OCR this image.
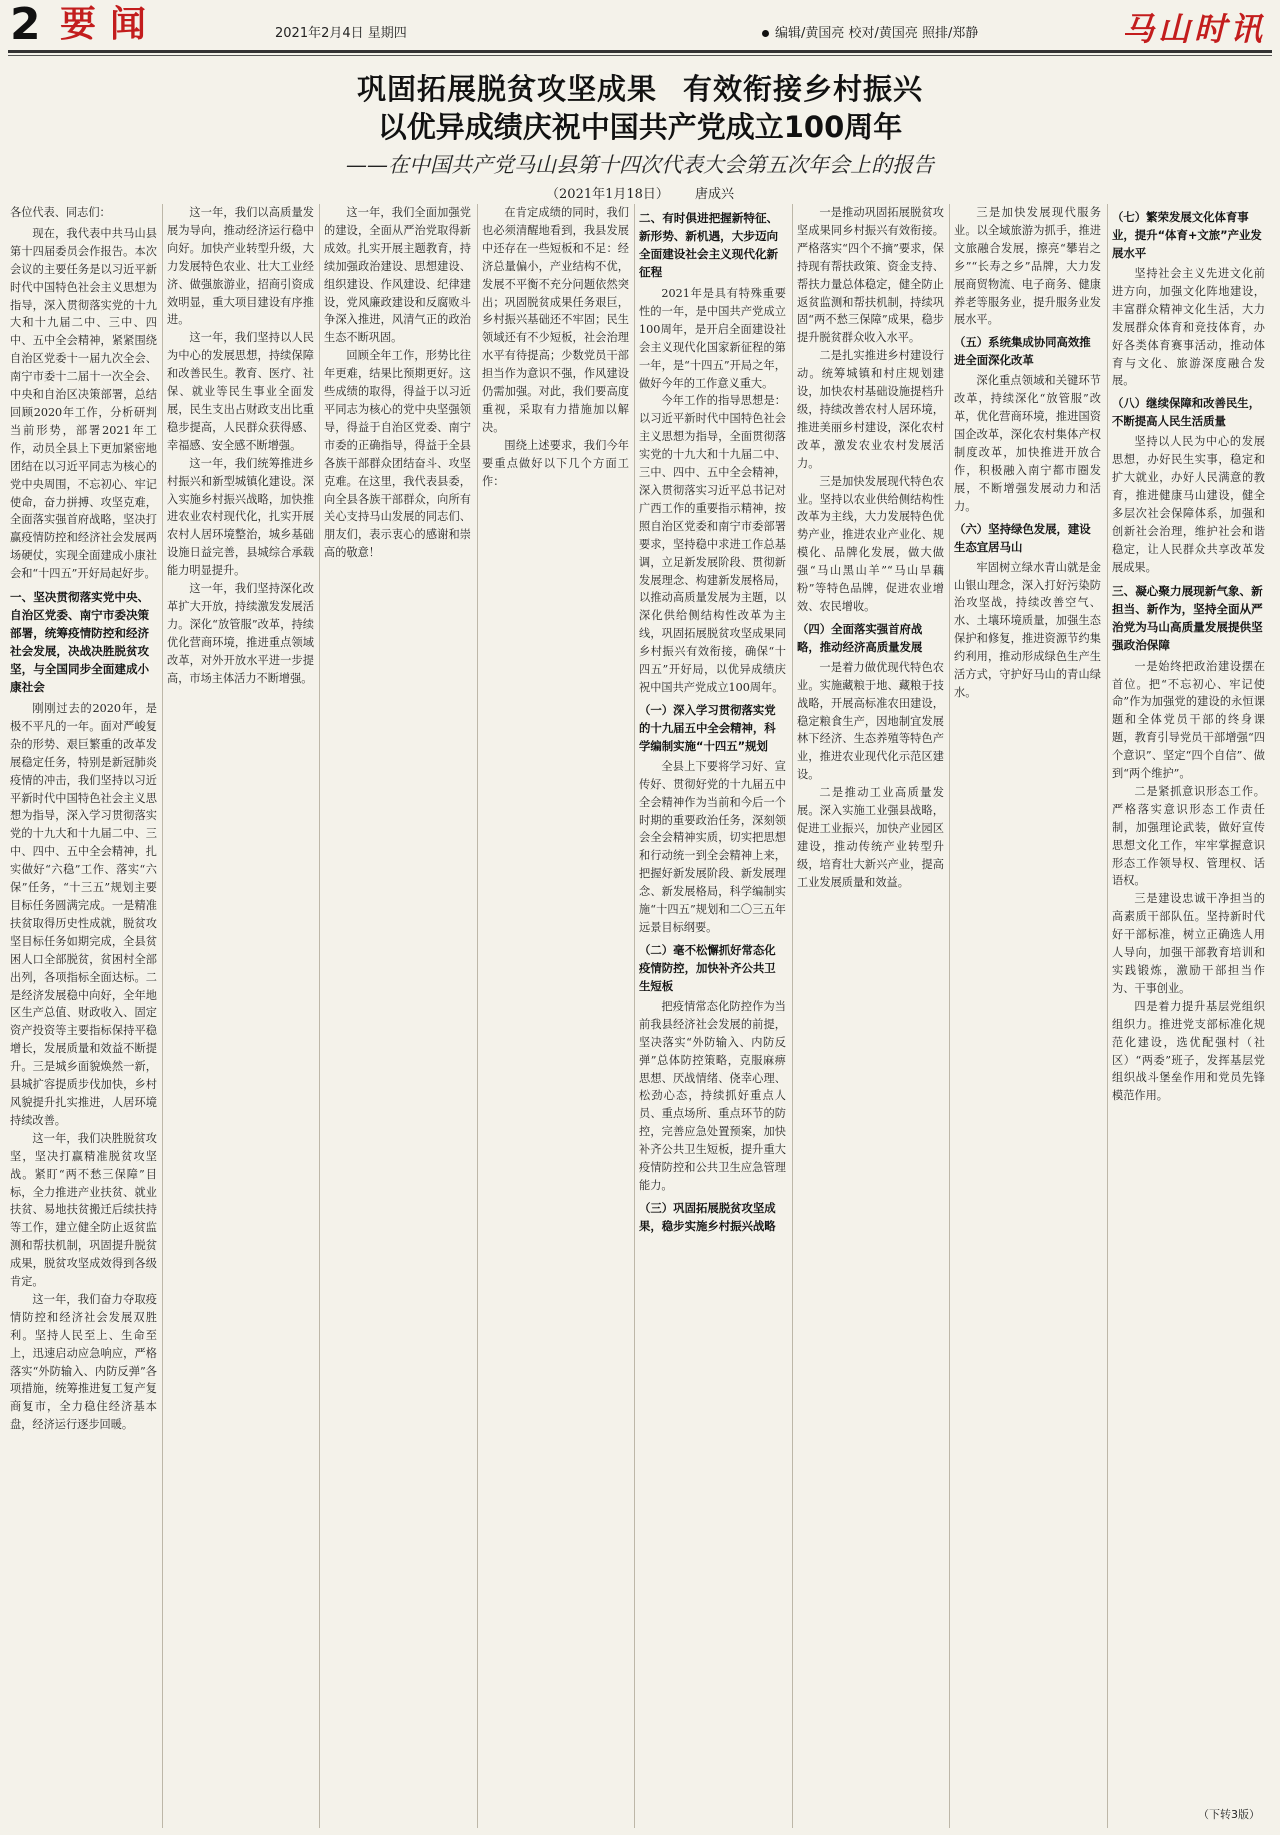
2 要闻	2021年2月4日 星期四	编辑/黄国亮 校对/黄国亮 照排/郑静	马山时讯

巩固拓展脱贫攻坚成果 有效衔接乡村振兴

以优异成绩庆祝中国共产党成立100周年

——在中国共产党马山县第十四次代表大会第五次年会上的报告

（2021年1月18日） 唐成兴

各位代表、同志们：

现在，我代表中共马山县第十四届委员会作报告。本次会议的主要任务是以习近平新时代中国特色社会主义思想为指导，深入贯彻落实党的十九大和十九届二中、三中、四中、五中全会精神，紧紧围绕自治区党委十一届九次全会、南宁市委十二届十一次全会、中央和自治区决策部署，总结回顾2020年工作，分析研判当前形势，部署2021年工作，动员全县上下更加紧密地团结在以习近平同志为核心的党中央周围，不忘初心、牢记使命，奋力拼搏、攻坚克难，全面落实强首府战略，坚决打赢疫情防控和经济社会发展两场硬仗，实现全面建成小康社会和“十四五”开好局起好步。

一、坚决贯彻落实党中央、自治区党委、南宁市委决策部署，统筹疫情防控和经济社会发展，决战决胜脱贫攻坚，与全国同步全面建成小康社会

刚刚过去的2020年，是极不平凡的一年。面对严峻复杂的形势、艰巨繁重的改革发展稳定任务，特别是新冠肺炎疫情的冲击，我们坚持以习近平新时代中国特色社会主义思想为指导，深入学习贯彻落实党的十九大和十九届二中、三中、四中、五中全会精神，扎实做好“六稳”工作、落实“六保”任务，“十三五”规划主要目标任务圆满完成。一是精准扶贫取得历史性成就，脱贫攻坚目标任务如期完成，全县贫困人口全部脱贫，贫困村全部出列，各项指标全面达标。二是经济发展稳中向好，全年地区生产总值、财政收入、固定资产投资等主要指标保持平稳增长，发展质量和效益不断提升。三是城乡面貌焕然一新，县城扩容提质步伐加快，乡村风貌提升扎实推进，人居环境持续改善。

这一年，我们决胜脱贫攻坚，坚决打赢精准脱贫攻坚战。紧盯“两不愁三保障”目标，全力推进产业扶贫、就业扶贫、易地扶贫搬迁后续扶持等工作，建立健全防止返贫监测和帮扶机制，巩固提升脱贫成果，脱贫攻坚成效得到各级肯定。

这一年，我们奋力夺取疫情防控和经济社会发展双胜利。坚持人民至上、生命至上，迅速启动应急响应，严格落实“外防输入、内防反弹”各项措施，统筹推进复工复产复商复市，全力稳住经济基本盘，经济运行逐步回暖。

这一年，我们以高质量发展为导向，推动经济运行稳中向好。加快产业转型升级，大力发展特色农业、壮大工业经济、做强旅游业，招商引资成效明显，重大项目建设有序推进。

这一年，我们坚持以人民为中心的发展思想，持续保障和改善民生。教育、医疗、社保、就业等民生事业全面发展，民生支出占财政支出比重稳步提高，人民群众获得感、幸福感、安全感不断增强。

这一年，我们统筹推进乡村振兴和新型城镇化建设。深入实施乡村振兴战略，加快推进农业农村现代化，扎实开展农村人居环境整治，城乡基础设施日益完善，县城综合承载能力明显提升。

这一年，我们坚持深化改革扩大开放，持续激发发展活力。深化“放管服”改革，持续优化营商环境，推进重点领域改革，对外开放水平进一步提高，市场主体活力不断增强。

这一年，我们全面加强党的建设，全面从严治党取得新成效。扎实开展主题教育，持续加强政治建设、思想建设、组织建设、作风建设、纪律建设，党风廉政建设和反腐败斗争深入推进，风清气正的政治生态不断巩固。

回顾全年工作，形势比往年更难，结果比预期更好。这些成绩的取得，得益于以习近平同志为核心的党中央坚强领导，得益于自治区党委、南宁市委的正确指导，得益于全县各族干部群众团结奋斗、攻坚克难。在这里，我代表县委，向全县各族干部群众，向所有关心支持马山发展的同志们、朋友们，表示衷心的感谢和崇高的敬意！

在肯定成绩的同时，我们也必须清醒地看到，我县发展中还存在一些短板和不足：经济总量偏小，产业结构不优，发展不平衡不充分问题依然突出；巩固脱贫成果任务艰巨，乡村振兴基础还不牢固；民生领域还有不少短板，社会治理水平有待提高；少数党员干部担当作为意识不强，作风建设仍需加强。对此，我们要高度重视，采取有力措施加以解决。

围绕上述要求，我们今年要重点做好以下几个方面工作：

二、有时俱进把握新特征、新形势、新机遇，大步迈向全面建设社会主义现代化新征程

2021年是具有特殊重要性的一年，是中国共产党成立100周年，是开启全面建设社会主义现代化国家新征程的第一年，是“十四五”开局之年，做好今年的工作意义重大。

今年工作的指导思想是：以习近平新时代中国特色社会主义思想为指导，全面贯彻落实党的十九大和十九届二中、三中、四中、五中全会精神，深入贯彻落实习近平总书记对广西工作的重要指示精神，按照自治区党委和南宁市委部署要求，坚持稳中求进工作总基调，立足新发展阶段、贯彻新发展理念、构建新发展格局，以推动高质量发展为主题，以深化供给侧结构性改革为主线，巩固拓展脱贫攻坚成果同乡村振兴有效衔接，确保“十四五”开好局，以优异成绩庆祝中国共产党成立100周年。

（一）深入学习贯彻落实党的十九届五中全会精神，科学编制实施“十四五”规划

全县上下要将学习好、宣传好、贯彻好党的十九届五中全会精神作为当前和今后一个时期的重要政治任务，深刻领会全会精神实质，切实把思想和行动统一到全会精神上来，把握好新发展阶段、新发展理念、新发展格局，科学编制实施“十四五”规划和二〇三五年远景目标纲要。

（二）毫不松懈抓好常态化疫情防控，加快补齐公共卫生短板

把疫情常态化防控作为当前我县经济社会发展的前提，坚决落实“外防输入、内防反弹”总体防控策略，克服麻痹思想、厌战情绪、侥幸心理、松劲心态，持续抓好重点人员、重点场所、重点环节的防控，完善应急处置预案，加快补齐公共卫生短板，提升重大疫情防控和公共卫生应急管理能力。

（三）巩固拓展脱贫攻坚成果，稳步实施乡村振兴战略

一是推动巩固拓展脱贫攻坚成果同乡村振兴有效衔接。严格落实“四个不摘”要求，保持现有帮扶政策、资金支持、帮扶力量总体稳定，健全防止返贫监测和帮扶机制，持续巩固“两不愁三保障”成果，稳步提升脱贫群众收入水平。

二是扎实推进乡村建设行动。统筹城镇和村庄规划建设，加快农村基础设施提档升级，持续改善农村人居环境，推进美丽乡村建设，深化农村改革，激发农业农村发展活力。

三是加快发展现代特色农业。坚持以农业供给侧结构性改革为主线，大力发展特色优势产业，推进农业产业化、规模化、品牌化发展，做大做强“马山黑山羊”“马山旱藕粉”等特色品牌，促进农业增效、农民增收。

（四）全面落实强首府战略，推动经济高质量发展

一是着力做优现代特色农业。实施藏粮于地、藏粮于技战略，开展高标准农田建设，稳定粮食生产，因地制宜发展林下经济、生态养殖等特色产业，推进农业现代化示范区建设。

二是推动工业高质量发展。深入实施工业强县战略，促进工业振兴，加快产业园区建设，推动传统产业转型升级，培育壮大新兴产业，提高工业发展质量和效益。

三是加快发展现代服务业。以全域旅游为抓手，推进文旅融合发展，擦亮“攀岩之乡”“长寿之乡”品牌，大力发展商贸物流、电子商务、健康养老等服务业，提升服务业发展水平。

（五）系统集成协同高效推进全面深化改革

深化重点领域和关键环节改革，持续深化“放管服”改革，优化营商环境，推进国资国企改革，深化农村集体产权制度改革，加快推进开放合作，积极融入南宁都市圈发展，不断增强发展动力和活力。

（六）坚持绿色发展，建设生态宜居马山

牢固树立绿水青山就是金山银山理念，深入打好污染防治攻坚战，持续改善空气、水、土壤环境质量，加强生态保护和修复，推进资源节约集约利用，推动形成绿色生产生活方式，守护好马山的青山绿水。

（七）繁荣发展文化体育事业，提升“体育+文旅”产业发展水平

坚持社会主义先进文化前进方向，加强文化阵地建设，丰富群众精神文化生活，大力发展群众体育和竞技体育，办好各类体育赛事活动，推动体育与文化、旅游深度融合发展。

（八）继续保障和改善民生，不断提高人民生活质量

坚持以人民为中心的发展思想，办好民生实事，稳定和扩大就业，办好人民满意的教育，推进健康马山建设，健全多层次社会保障体系，加强和创新社会治理，维护社会和谐稳定，让人民群众共享改革发展成果。

三、凝心聚力展现新气象、新担当、新作为，坚持全面从严治党为马山高质量发展提供坚强政治保障

一是始终把政治建设摆在首位。把“不忘初心、牢记使命”作为加强党的建设的永恒课题和全体党员干部的终身课题，教育引导党员干部增强“四个意识”、坚定“四个自信”、做到“两个维护”。

二是紧抓意识形态工作。严格落实意识形态工作责任制，加强理论武装，做好宣传思想文化工作，牢牢掌握意识形态工作领导权、管理权、话语权。

三是建设忠诚干净担当的高素质干部队伍。坚持新时代好干部标准，树立正确选人用人导向，加强干部教育培训和实践锻炼，激励干部担当作为、干事创业。

四是着力提升基层党组织组织力。推进党支部标准化规范化建设，选优配强村（社区）“两委”班子，发挥基层党组织战斗堡垒作用和党员先锋模范作用。

（下转3版）
